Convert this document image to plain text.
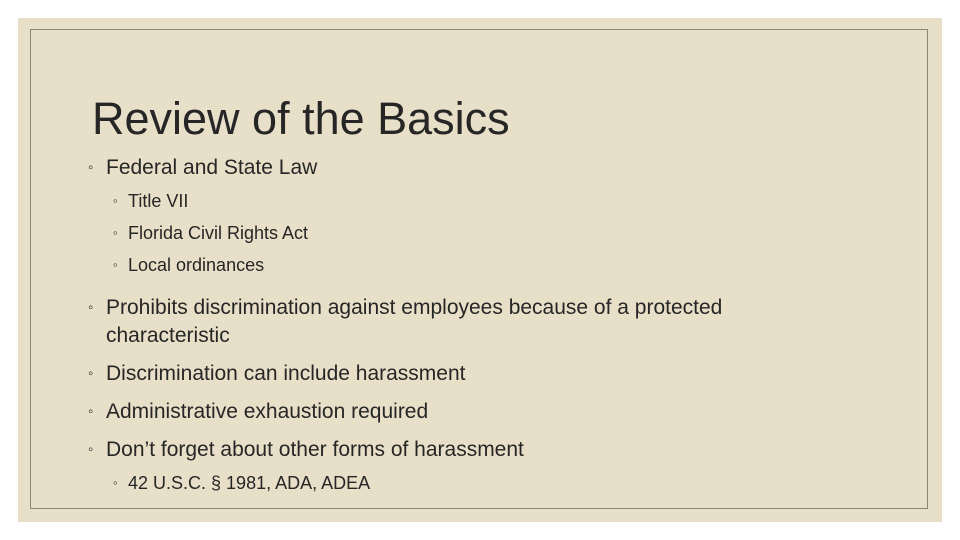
Review of the Basics
◦ Federal and State Law
◦ Title VII
◦ Florida Civil Rights Act
◦ Local ordinances
◦ Prohibits discrimination against employees because of a protected characteristic
◦ Discrimination can include harassment
◦ Administrative exhaustion required
◦ Don’t forget about other forms of harassment
◦ 42 U.S.C. § 1981, ADA, ADEA
